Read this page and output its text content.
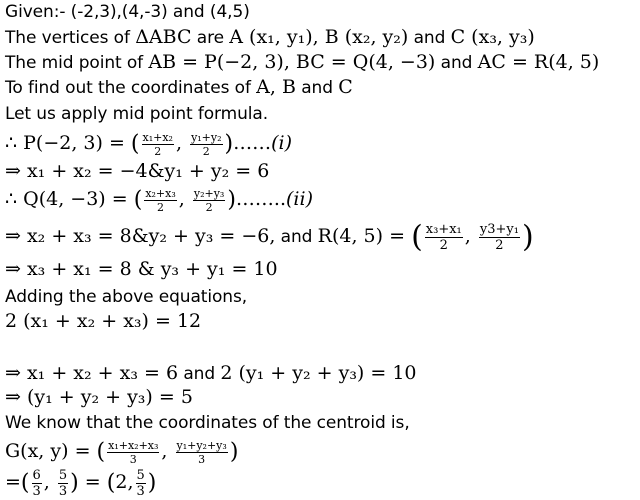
Given:- (-2,3),(4,-3) and (4,5)
The vertices of ΔABC are A (x₁, y₁), B (x₂, y₂) and C (x₃, y₃)
The mid point of AB = P(−2, 3), BC = Q(4, −3) and AC = R(4, 5)
To find out the coordinates of A, B and C
Let us apply mid point formula.
∴ P(−2, 3) = ( $\frac{\text{x₁+x₂}}{2}$ , $\frac{\text{y₁+y₂}}{2}$ )……(i)
⇒ x₁ + x₂ = −4&y₁ + y₂ = 6
∴ Q(4, −3) = ( $\frac{\text{x₂+x₃}}{2}$ , $\frac{\text{y₂+y₃}}{2}$ )……..(ii)
⇒ x₂ + x₃ = 8&y₂ + y₃ = −6, and R(4, 5) = ( $\frac{\text{x₃+x₁}}{2}$ , $\frac{\text{y3+y₁}}{2}$ )
⇒ x₃ + x₁ = 8 & y₃ + y₁ = 10
Adding the above equations,
2 (x₁ + x₂ + x₃) = 12
⇒ x₁ + x₂ + x₃ = 6 and 2 (y₁ + y₂ + y₃) = 10
⇒ (y₁ + y₂ + y₃) = 5
We know that the coordinates of the centroid is,
G(x, y) = ( $\frac{\text{x₁+x₂+x₃}}{3}$ , $\frac{\text{y₁+y₂+y₃}}{3}$ )
=( $\frac{6}{3}$ , $\frac{5}{3}$ ) = (2, $\frac{5}{3}$ )
